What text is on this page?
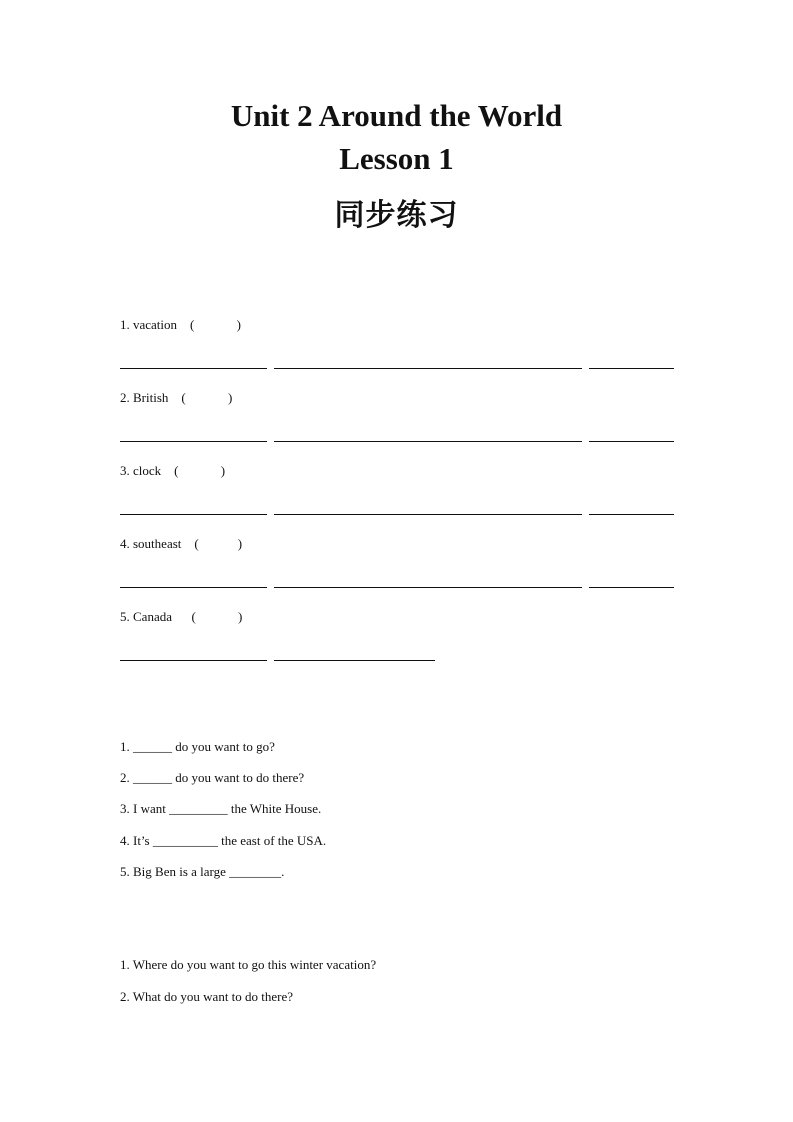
Unit 2 Around the World
Lesson 1
同步练习
1. vacation    (             )
2. British    (             )
3. clock    (             )
4. southeast    (            )
5. Canada      (             )
1. ______ do you want to go?
2. ______ do you want to do there?
3. I want _________ the White House.
4. It’s __________ the east of the USA.
5. Big Ben is a large ________.
1. Where do you want to go this winter vacation?
2. What do you want to do there?
